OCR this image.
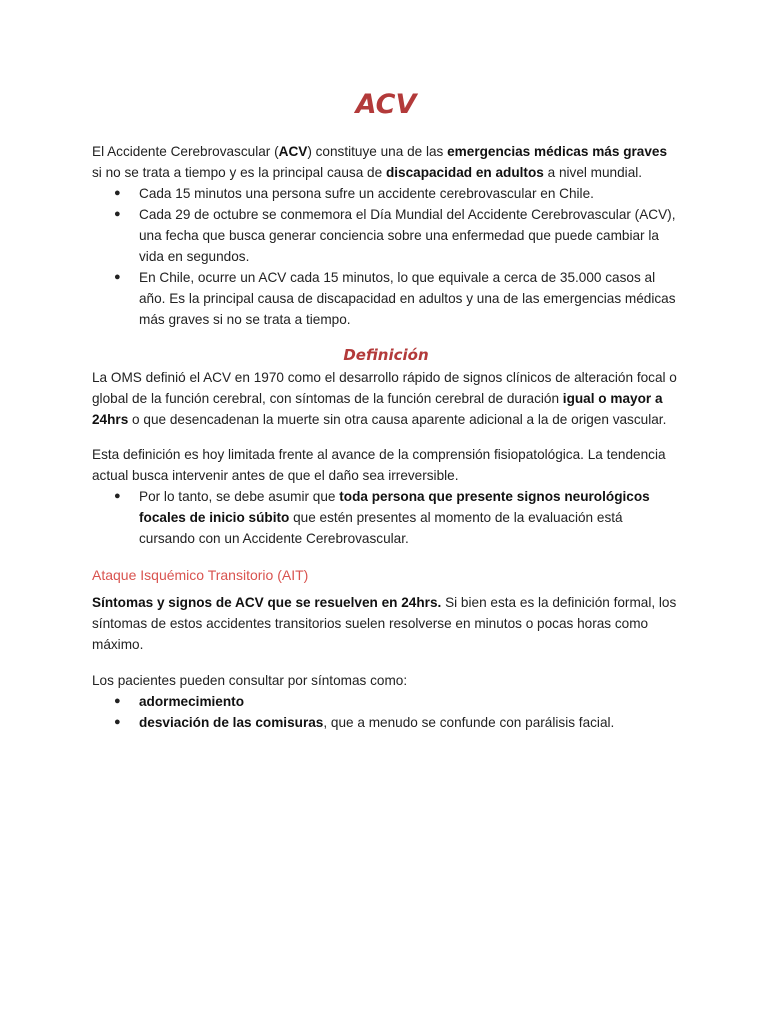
ACV

El Accidente Cerebrovascular (ACV) constituye una de las emergencias médicas más graves si no se trata a tiempo y es la principal causa de discapacidad en adultos a nivel mundial.

● Cada 15 minutos una persona sufre un accidente cerebrovascular en Chile.
● Cada 29 de octubre se conmemora el Día Mundial del Accidente Cerebrovascular (ACV), una fecha que busca generar conciencia sobre una enfermedad que puede cambiar la vida en segundos.
● En Chile, ocurre un ACV cada 15 minutos, lo que equivale a cerca de 35.000 casos al año. Es la principal causa de discapacidad en adultos y una de las emergencias médicas más graves si no se trata a tiempo.
Definición

La OMS definió el ACV en 1970 como el desarrollo rápido de signos clínicos de alteración focal o global de la función cerebral, con síntomas de la función cerebral de duración igual o mayor a 24hrs o que desencadenan la muerte sin otra causa aparente adicional a la de origen vascular.

Esta definición es hoy limitada frente al avance de la comprensión fisiopatológica. La tendencia actual busca intervenir antes de que el daño sea irreversible.

● Por lo tanto, se debe asumir que toda persona que presente signos neurológicos focales de inicio súbito que estén presentes al momento de la evaluación está cursando con un Accidente Cerebrovascular.
Ataque Isquémico Transitorio (AIT)

Síntomas y signos de ACV que se resuelven en 24hrs. Si bien esta es la definición formal, los síntomas de estos accidentes transitorios suelen resolverse en minutos o pocas horas como máximo.

Los pacientes pueden consultar por síntomas como:

● adormecimiento
● desviación de las comisuras, que a menudo se confunde con parálisis facial.
